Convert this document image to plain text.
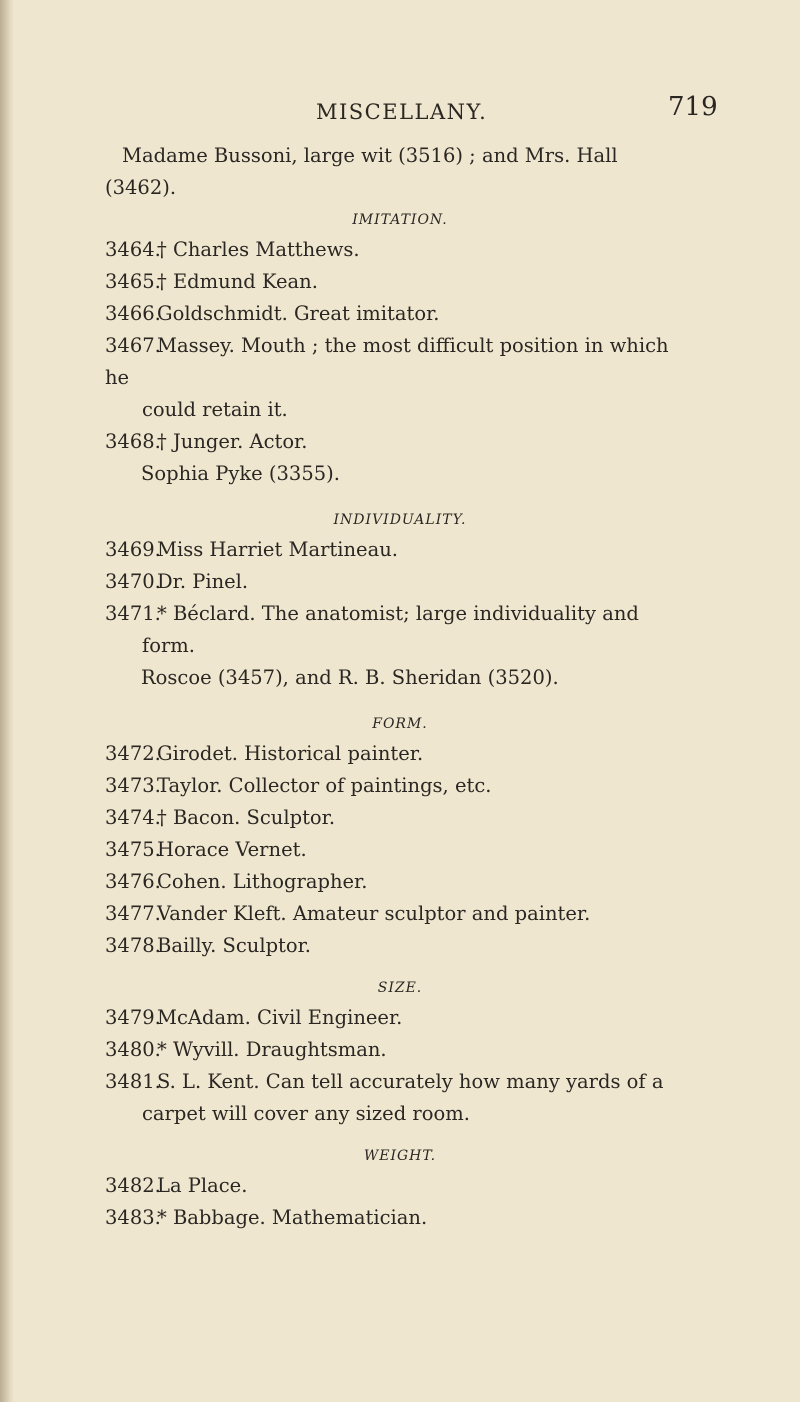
MISCELLANY.	719
Madame Bussoni, large wit (3516) ; and Mrs. Hall
(3462).
IMITATION.
3464.† Charles Matthews.
3465.† Edmund Kean.
3466.Goldschmidt. Great imitator.
3467.Massey. Mouth ; the most difficult position in which he
could retain it.
3468.† Junger. Actor.
Sophia Pyke (3355).
INDIVIDUALITY.
3469.Miss Harriet Martineau.
3470.Dr. Pinel.
3471.* Béclard. The anatomist; large individuality and
form.
Roscoe (3457), and R. B. Sheridan (3520).
FORM.
3472.Girodet. Historical painter.
3473.Taylor. Collector of paintings, etc.
3474.† Bacon. Sculptor.
3475.Horace Vernet.
3476.Cohen. Lithographer.
3477.Vander Kleft. Amateur sculptor and painter.
3478.Bailly. Sculptor.
SIZE.
3479.McAdam. Civil Engineer.
3480.* Wyvill. Draughtsman.
3481.S. L. Kent. Can tell accurately how many yards of a
carpet will cover any sized room.
WEIGHT.
3482.La Place.
3483.* Babbage. Mathematician.
